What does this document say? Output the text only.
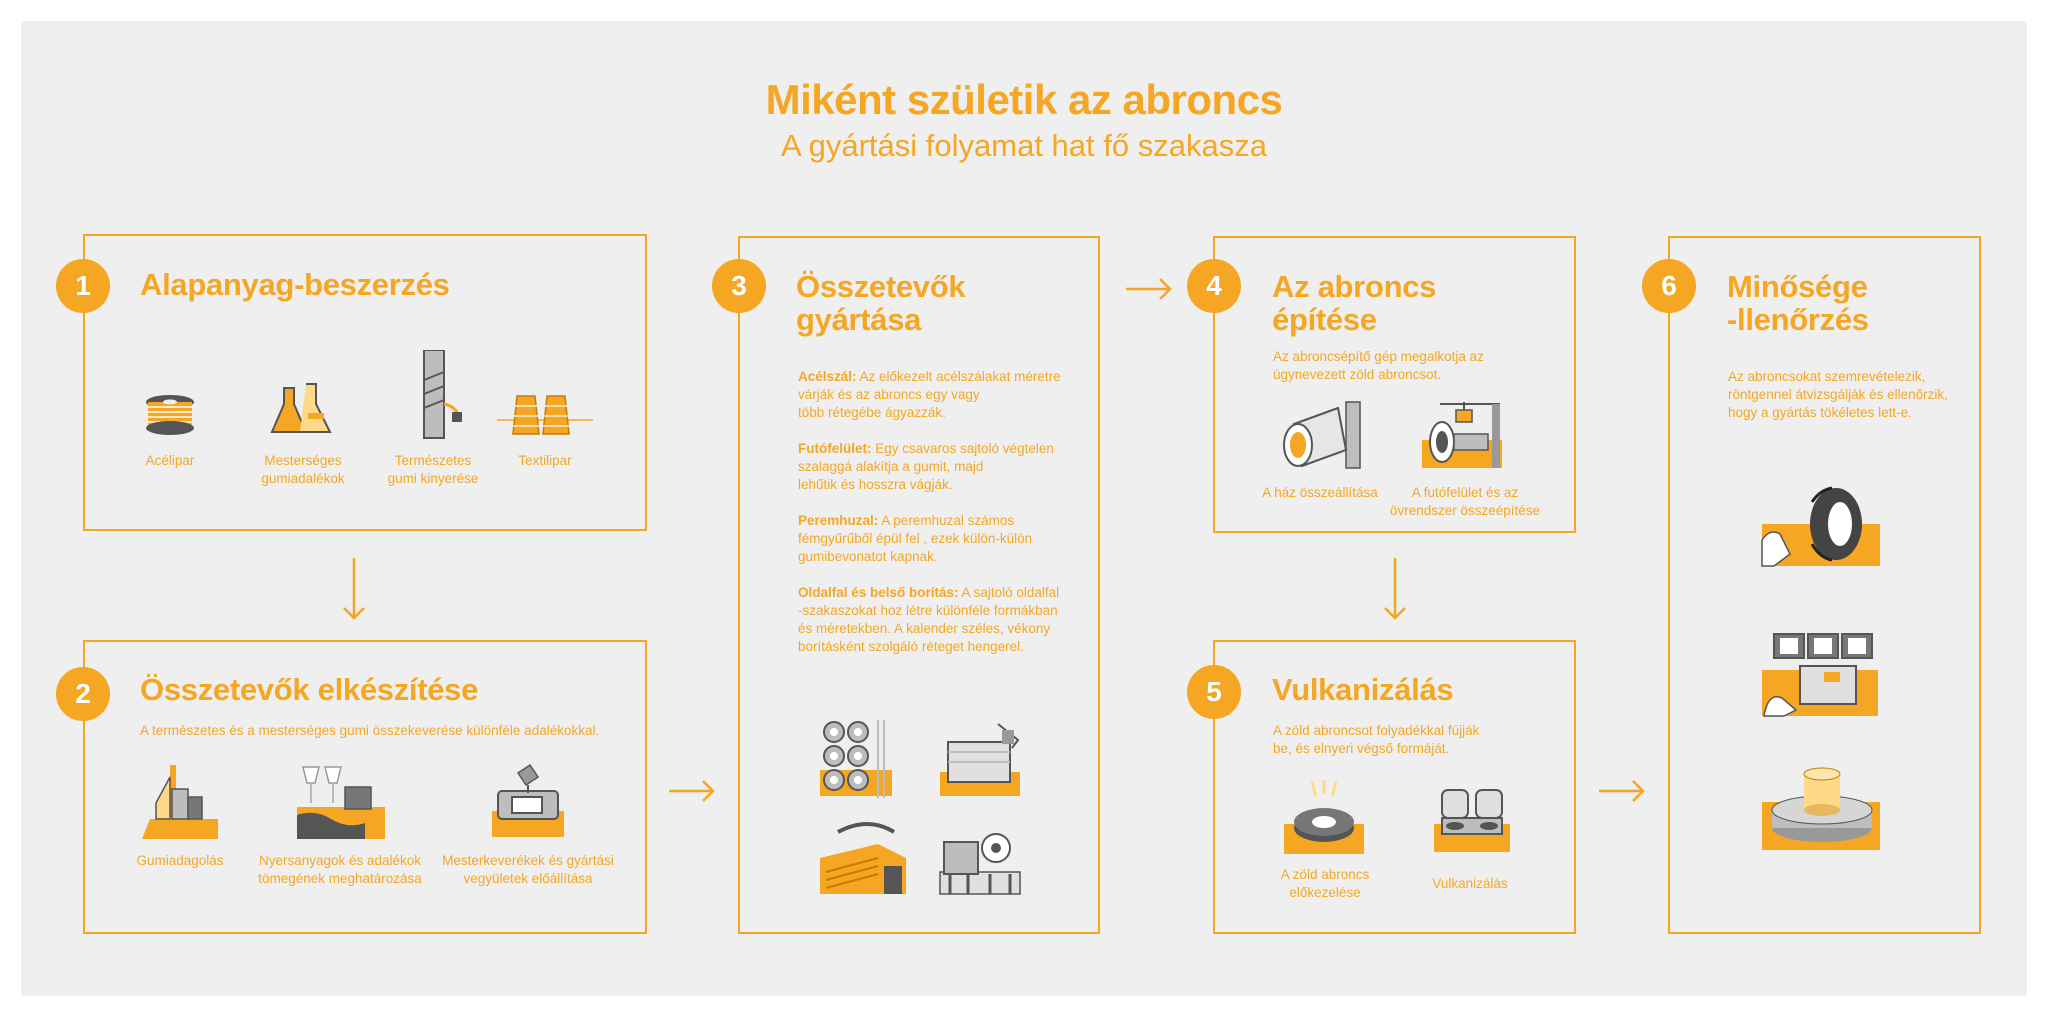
Miként születik az abroncs
A gyártási folyamat hat fő szakasza
1	Alapanyag-beszerzés
Acélipar	Mesterséges
gumiadalékok
Természetes
gumi kinyerése
Textilipar
2	Összetevők elkészítése
A természetes és a mesterséges gumi összekeverése különféle adalékokkal.
Gumiadagolás	Nyersanyagok és adalékok
tömegének meghatározása
Mesterkeverékek és gyártási
vegyületek előállítása
3	Összetevők
gyártása
Acélszál: Az előkezelt acélszálakat méretre
várják és az abroncs egy vagy
több rétegébe ágyazzák.
Futófelület: Egy csavaros sajtoló végtelen
szalaggá alakítja a gumit, majd
lehűtik és hosszra vágják.
Peremhuzal: A peremhuzal számos
fémgyűrűből épül fel , ezek külön-külön
gumibevonatot kapnak.
Oldalfal és belső borítás: A sajtoló oldalfal
-szakaszokat hoz létre különféle formákban
és méretekben. A kalender széles, vékony
borításként szolgáló réteget hengerel.
4	Az abroncs
építése
Az abroncsépítő gép megalkotja az
úgynevezett zöld abroncsot.
A ház összeállítása	A futófelület és az
övrendszer összeépítése
5	Vulkanizálás
A zöld abroncsot folyadékkal fújják
be, és elnyeri végső formáját.
A zöld abroncs
előkezelése
Vulkanizálás
6	Minősége
-llenőrzés
Az abroncsokat szemrevételezik,
röntgennel átvizsgálják és ellenőrzik,
hogy a gyártás tökéletes lett-e.
